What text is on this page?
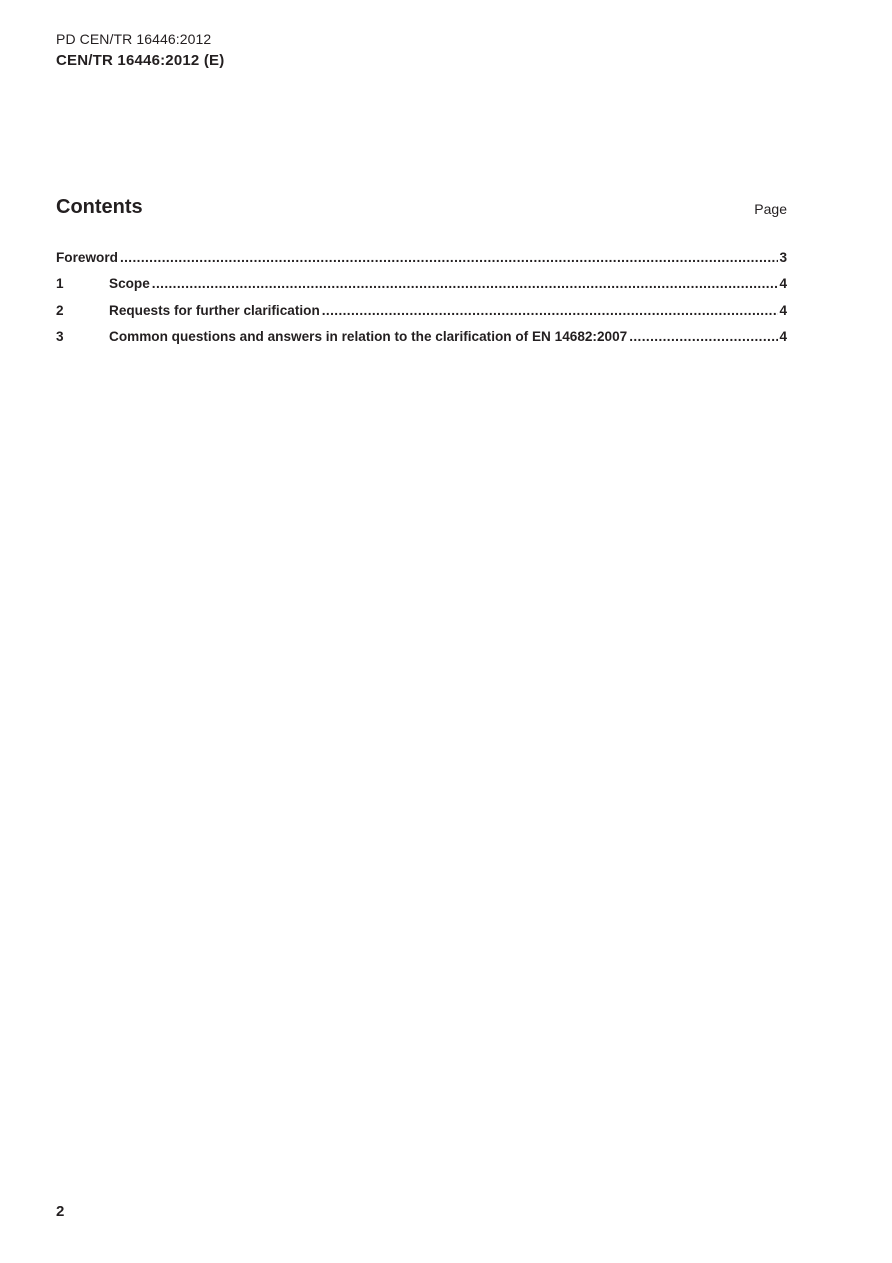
PD CEN/TR 16446:2012
CEN/TR 16446:2012 (E)
Contents	Page
Foreword .....	3
1	Scope .....	4
2	Requests for further clarification .....	4
3	Common questions and answers in relation to the clarification of EN 14682:2007 .....	4
2
